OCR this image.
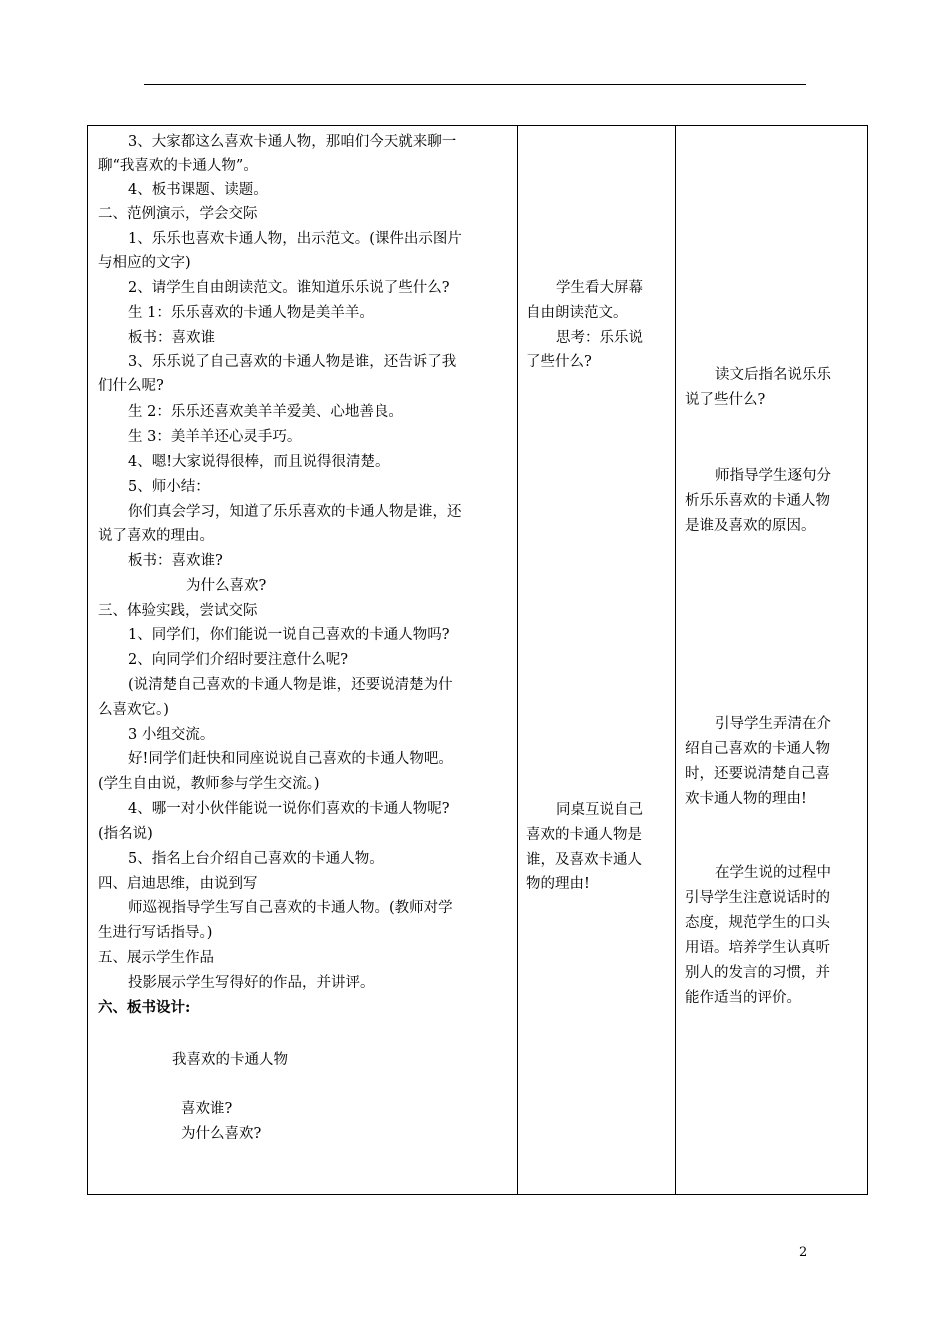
3、大家都这么喜欢卡通人物，那咱们今天就来聊一
聊“我喜欢的卡通人物”。
4、板书课题、读题。
二、范例演示，学会交际
1、乐乐也喜欢卡通人物，出示范文。(课件出示图片
与相应的文字)
2、请学生自由朗读范文。谁知道乐乐说了些什么?
生 1：乐乐喜欢的卡通人物是美羊羊。
板书：喜欢谁
3、乐乐说了自己喜欢的卡通人物是谁，还告诉了我
们什么呢?
生 2：乐乐还喜欢美羊羊爱美、心地善良。
生 3：美羊羊还心灵手巧。
4、嗯!大家说得很棒，而且说得很清楚。
5、师小结：
你们真会学习，知道了乐乐喜欢的卡通人物是谁，还
说了喜欢的理由。
板书：喜欢谁?
为什么喜欢?
三、体验实践，尝试交际
1、同学们，你们能说一说自己喜欢的卡通人物吗?
2、向同学们介绍时要注意什么呢?
(说清楚自己喜欢的卡通人物是谁，还要说清楚为什
么喜欢它。)
3 小组交流。
好!同学们赶快和同座说说自己喜欢的卡通人物吧。
(学生自由说，教师参与学生交流。)
4、哪一对小伙伴能说一说你们喜欢的卡通人物呢?
(指名说)
5、指名上台介绍自己喜欢的卡通人物。
四、启迪思维，由说到写
师巡视指导学生写自己喜欢的卡通人物。(教师对学
生进行写话指导。)
五、展示学生作品
投影展示学生写得好的作品，并讲评。
六、板书设计:
我喜欢的卡通人物
喜欢谁?
为什么喜欢?
学生看大屏幕
自由朗读范文。
思考：乐乐说
了些什么?
同桌互说自己
喜欢的卡通人物是
谁，及喜欢卡通人
物的理由!
读文后指名说乐乐
说了些什么?
师指导学生逐句分
析乐乐喜欢的卡通人物
是谁及喜欢的原因。
引导学生弄清在介
绍自己喜欢的卡通人物
时，还要说清楚自己喜
欢卡通人物的理由!
在学生说的过程中
引导学生注意说话时的
态度，规范学生的口头
用语。培养学生认真听
别人的发言的习惯，并
能作适当的评价。
2
